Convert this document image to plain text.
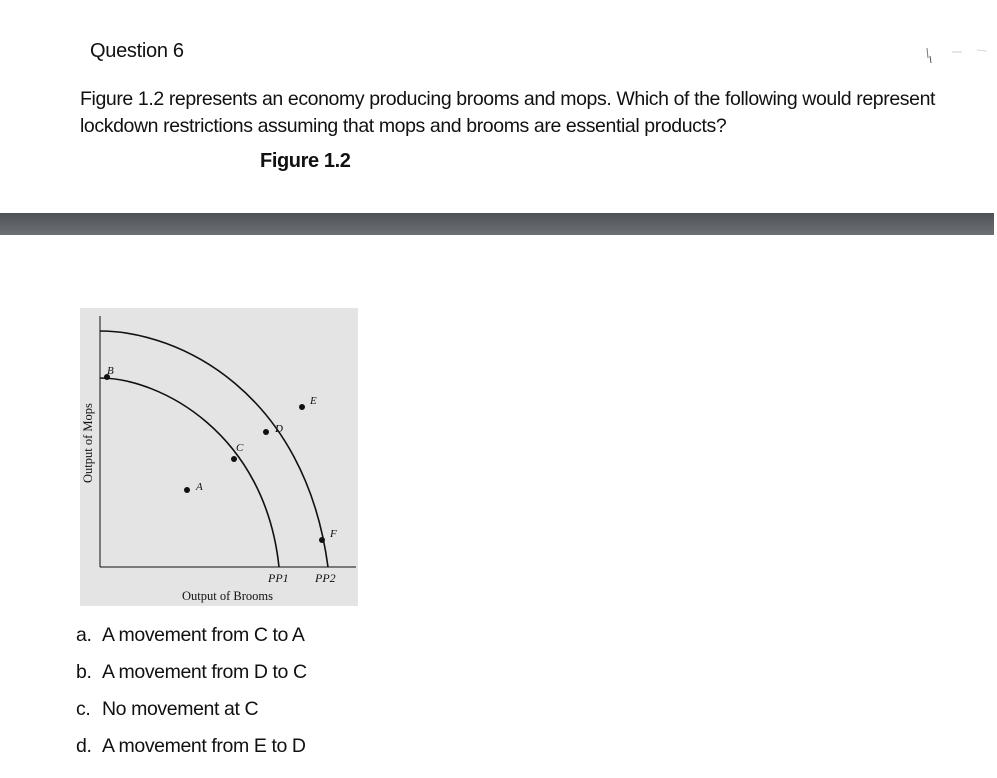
Question 6
Figure 1.2 represents an economy producing brooms and mops. Which of the following would represent lockdown restrictions assuming that mops and brooms are essential products?
Figure 1.2
PP1 PP2
B
C
A
D
E
F
Output of Brooms
Output of Mops
a. A movement from C to A
b. A movement from D to C
c. No movement at C
d. A movement from E to D
